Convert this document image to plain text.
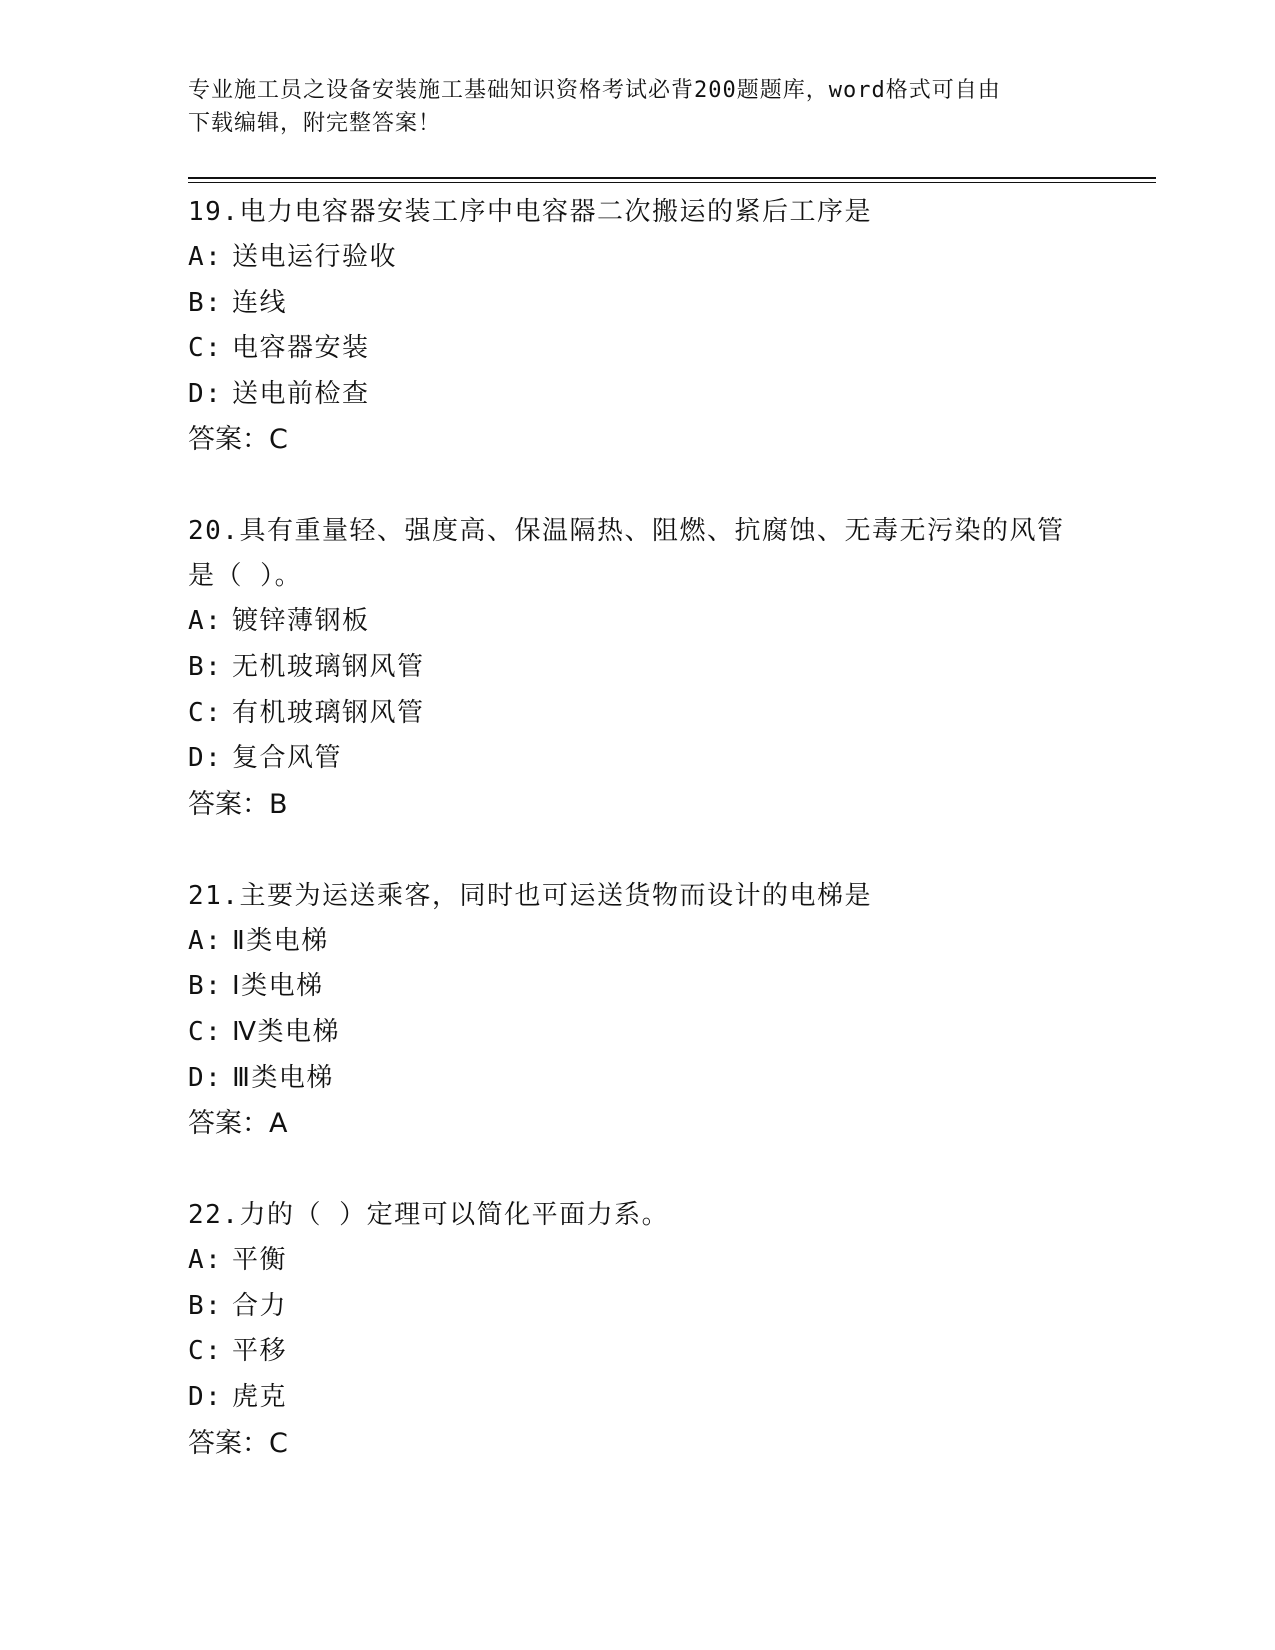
专业施工员之设备安装施工基础知识资格考试必背200题题库，word格式可自由
下载编辑，附完整答案！

19.电力电容器安装工序中电容器二次搬运的紧后工序是

A: 送电运行验收

B: 连线

C: 电容器安装

D: 送电前检查

答案：C

20.具有重量轻、强度高、保温隔热、阻燃、抗腐蚀、无毒无污染的风管是（ ）。

A: 镀锌薄钢板

B: 无机玻璃钢风管

C: 有机玻璃钢风管

D: 复合风管

答案：B

21.主要为运送乘客，同时也可运送货物而设计的电梯是

A: Ⅱ类电梯

B: Ⅰ类电梯

C: Ⅳ类电梯

D: Ⅲ类电梯

答案：A

22.力的（ ）定理可以简化平面力系。

A: 平衡

B: 合力

C: 平移

D: 虎克

答案：C
